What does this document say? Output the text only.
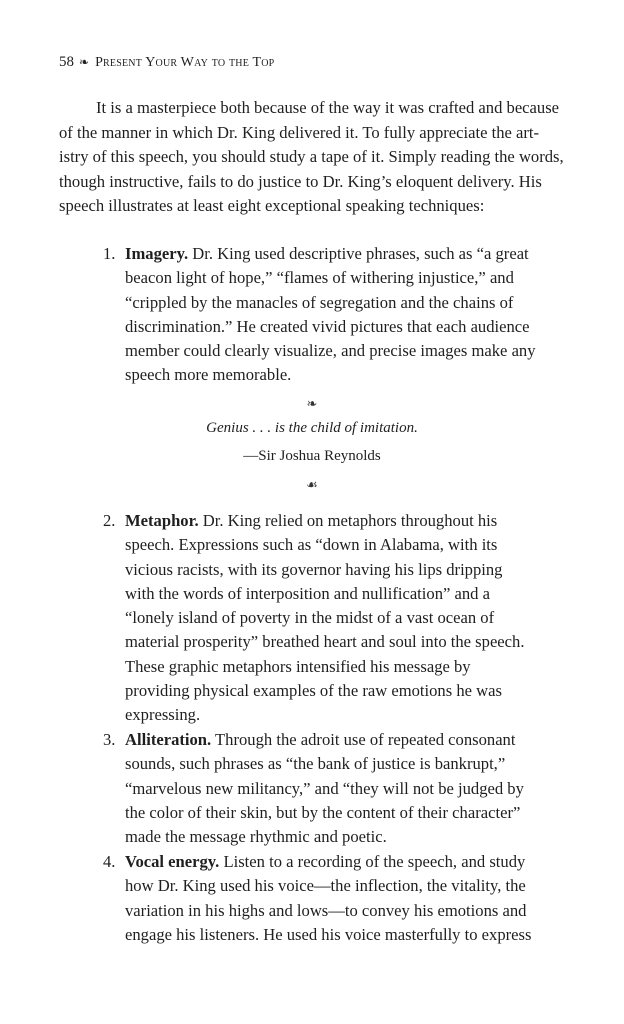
58 ❧ Present Your Way to the Top

It is a masterpiece both because of the way it was crafted and because
of the manner in which Dr. King delivered it. To fully appreciate the art-
istry of this speech, you should study a tape of it. Simply reading the words,
though instructive, fails to do justice to Dr. King’s eloquent delivery. His
speech illustrates at least eight exceptional speaking techniques:

1. Imagery. Dr. King used descriptive phrases, such as “a great
beacon light of hope,” “flames of withering injustice,” and
“crippled by the manacles of segregation and the chains of
discrimination.” He created vivid pictures that each audience
member could clearly visualize, and precise images make any
speech more memorable.
❧
Genius . . . is the child of imitation.
—Sir Joshua Reynolds
☙
2. Metaphor. Dr. King relied on metaphors throughout his
speech. Expressions such as “down in Alabama, with its
vicious racists, with its governor having his lips dripping
with the words of interposition and nullification” and a
“lonely island of poverty in the midst of a vast ocean of
material prosperity” breathed heart and soul into the speech.
These graphic metaphors intensified his message by
providing physical examples of the raw emotions he was
expressing.
3. Alliteration. Through the adroit use of repeated consonant
sounds, such phrases as “the bank of justice is bankrupt,”
“marvelous new militancy,” and “they will not be judged by
the color of their skin, but by the content of their character”
made the message rhythmic and poetic.
4. Vocal energy. Listen to a recording of the speech, and study
how Dr. King used his voice—the inflection, the vitality, the
variation in his highs and lows—to convey his emotions and
engage his listeners. He used his voice masterfully to express
